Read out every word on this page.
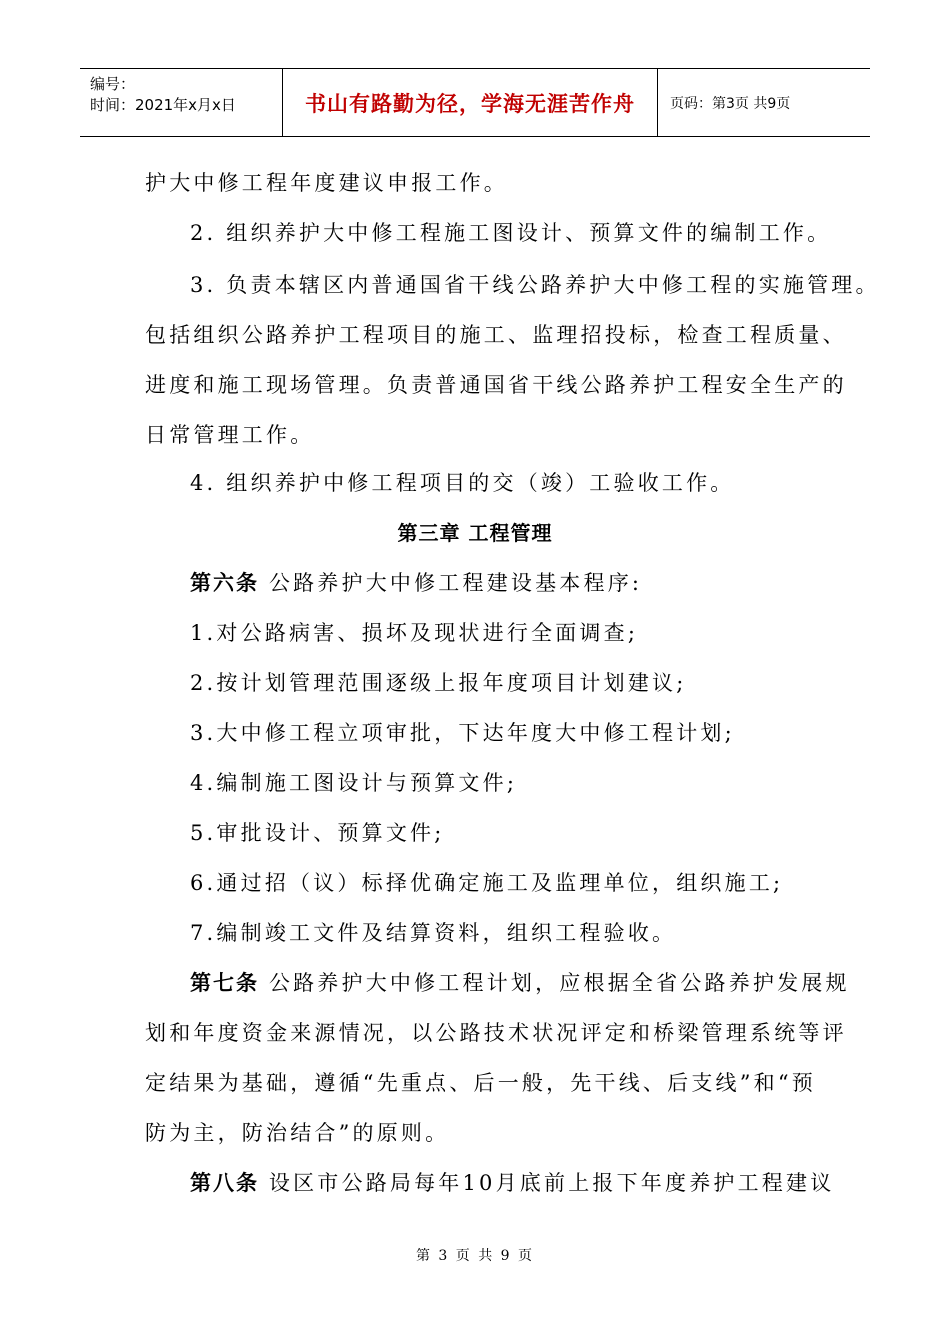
编号：
时间：2021年x月x日	书山有路勤为径，学海无涯苦作舟	页码：第3页 共9页
护大中修工程年度建议申报工作。
2. 组织养护大中修工程施工图设计、预算文件的编制工作。
3. 负责本辖区内普通国省干线公路养护大中修工程的实施管理。
包括组织公路养护工程项目的施工、监理招投标，检查工程质量、
进度和施工现场管理。负责普通国省干线公路养护工程安全生产的
日常管理工作。
4. 组织养护中修工程项目的交（竣）工验收工作。
第三章 工程管理
第六条 公路养护大中修工程建设基本程序:
1.对公路病害、损坏及现状进行全面调查;
2.按计划管理范围逐级上报年度项目计划建议;
3.大中修工程立项审批，下达年度大中修工程计划;
4.编制施工图设计与预算文件;
5.审批设计、预算文件;
6.通过招（议）标择优确定施工及监理单位，组织施工;
7.编制竣工文件及结算资料，组织工程验收。
第七条 公路养护大中修工程计划，应根据全省公路养护发展规
划和年度资金来源情况，以公路技术状况评定和桥梁管理系统等评
定结果为基础，遵循“先重点、后一般，先干线、后支线”和“预
防为主，防治结合”的原则。
第八条 设区市公路局每年10月底前上报下年度养护工程建议
第 3 页 共 9 页
